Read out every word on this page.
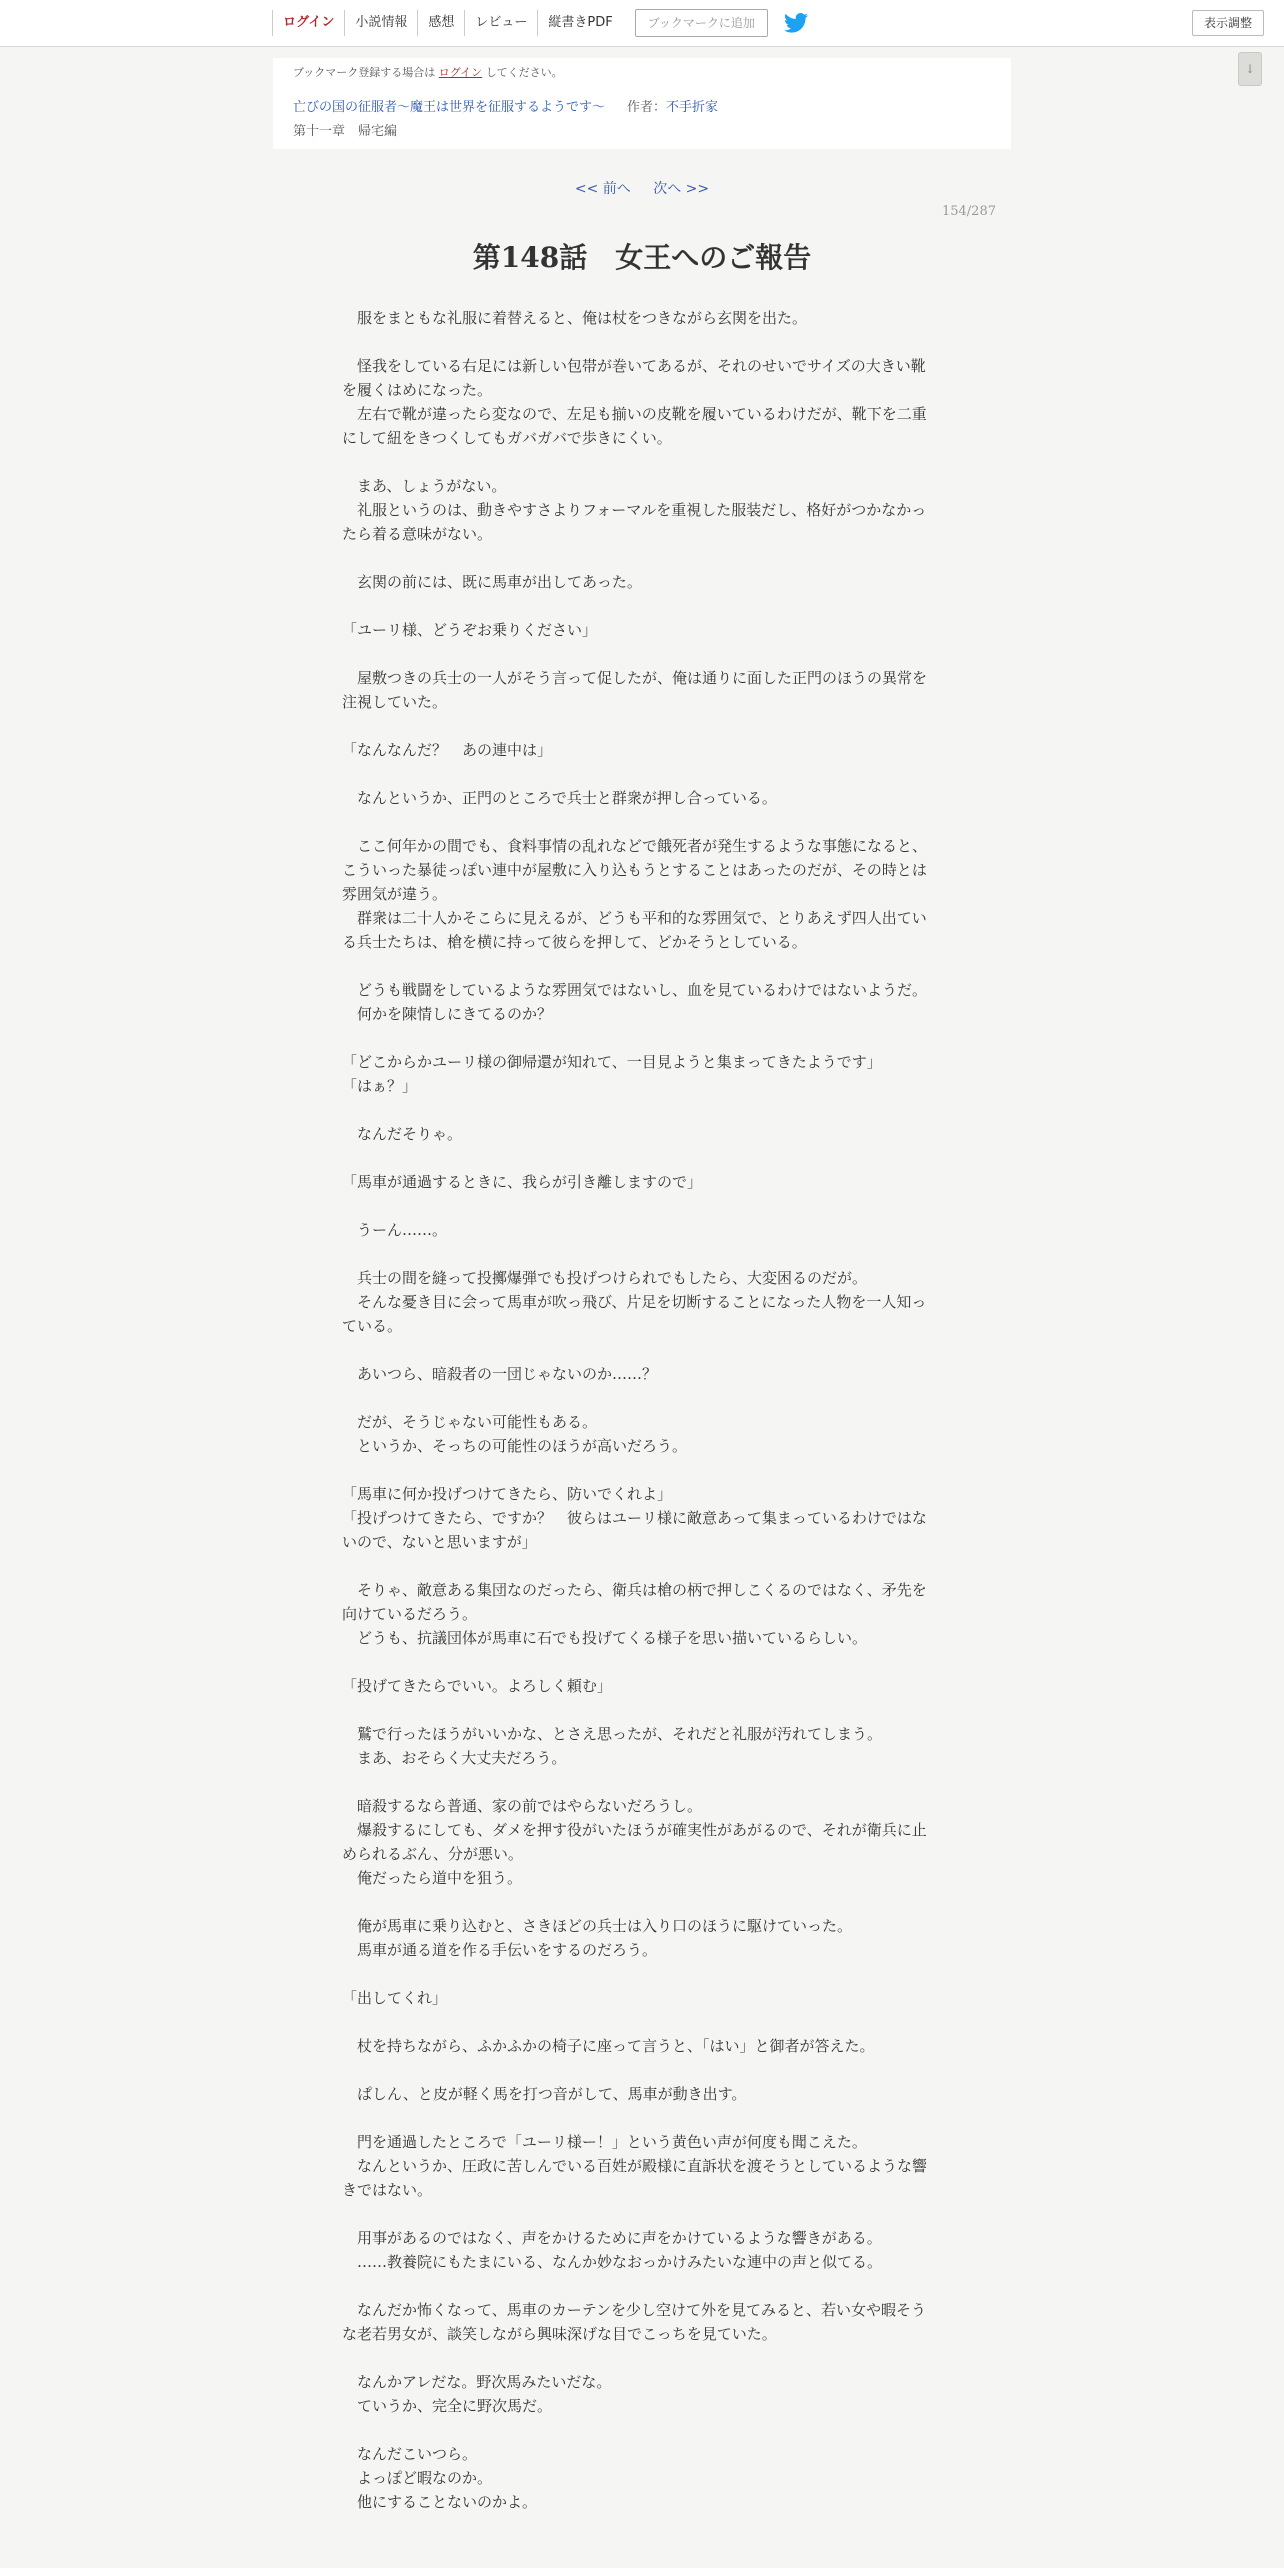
ログイン	小説情報	感想	レビュー	縦書きPDF	ブックマークに追加	表示調整
↓
ブックマーク登録する場合は ログイン してください。
亡びの国の征服者～魔王は世界を征服するようです～ 作者：不手折家
第十一章　帰宅編
<< 前へ 次へ >>
154/287
第148話　女王へのご報告

　服をまともな礼服に着替えると、俺は杖をつきながら玄関を出た。

　怪我をしている右足には新しい包帯が巻いてあるが、それのせいでサイズの大きい靴を履くはめになった。

　左右で靴が違ったら変なので、左足も揃いの皮靴を履いているわけだが、靴下を二重にして紐をきつくしてもガバガバで歩きにくい。

　まあ、しょうがない。

　礼服というのは、動きやすさよりフォーマルを重視した服装だし、格好がつかなかったら着る意味がない。

　玄関の前には、既に馬車が出してあった。

「ユーリ様、どうぞお乗りください」

　屋敷つきの兵士の一人がそう言って促したが、俺は通りに面した正門のほうの異常を注視していた。

「なんなんだ？　あの連中は」

　なんというか、正門のところで兵士と群衆が押し合っている。

　ここ何年かの間でも、食料事情の乱れなどで餓死者が発生するような事態になると、こういった暴徒っぽい連中が屋敷に入り込もうとすることはあったのだが、その時とは雰囲気が違う。

　群衆は二十人かそこらに見えるが、どうも平和的な雰囲気で、とりあえず四人出ている兵士たちは、槍を横に持って彼らを押して、どかそうとしている。

　どうも戦闘をしているような雰囲気ではないし、血を見ているわけではないようだ。

　何かを陳情しにきてるのか？

「どこからかユーリ様の御帰還が知れて、一目見ようと集まってきたようです」

「はぁ？」

　なんだそりゃ。

「馬車が通過するときに、我らが引き離しますので」

　うーん……。

　兵士の間を縫って投擲爆弾でも投げつけられでもしたら、大変困るのだが。

　そんな憂き目に会って馬車が吹っ飛び、片足を切断することになった人物を一人知っている。

　あいつら、暗殺者の一団じゃないのか……？

　だが、そうじゃない可能性もある。

　というか、そっちの可能性のほうが高いだろう。

「馬車に何か投げつけてきたら、防いでくれよ」

「投げつけてきたら、ですか？　彼らはユーリ様に敵意あって集まっているわけではないので、ないと思いますが」

　そりゃ、敵意ある集団なのだったら、衛兵は槍の柄で押しこくるのではなく、矛先を向けているだろう。

　どうも、抗議団体が馬車に石でも投げてくる様子を思い描いているらしい。

「投げてきたらでいい。よろしく頼む」

　鷲で行ったほうがいいかな、とさえ思ったが、それだと礼服が汚れてしまう。

　まあ、おそらく大丈夫だろう。

　暗殺するなら普通、家の前ではやらないだろうし。

　爆殺するにしても、ダメを押す役がいたほうが確実性があがるので、それが衛兵に止められるぶん、分が悪い。

　俺だったら道中を狙う。

　俺が馬車に乗り込むと、さきほどの兵士は入り口のほうに駆けていった。

　馬車が通る道を作る手伝いをするのだろう。

「出してくれ」

　杖を持ちながら、ふかふかの椅子に座って言うと、「はい」と御者が答えた。

　ぱしん、と皮が軽く馬を打つ音がして、馬車が動き出す。

　門を通過したところで「ユーリ様ー！」という黄色い声が何度も聞こえた。

　なんというか、圧政に苦しんでいる百姓が殿様に直訴状を渡そうとしているような響きではない。

　用事があるのではなく、声をかけるために声をかけているような響きがある。

　……教養院にもたまにいる、なんか妙なおっかけみたいな連中の声と似てる。

　なんだか怖くなって、馬車のカーテンを少し空けて外を見てみると、若い女や暇そうな老若男女が、談笑しながら興味深げな目でこっちを見ていた。

　なんかアレだな。野次馬みたいだな。

　ていうか、完全に野次馬だ。

　なんだこいつら。

　よっぽど暇なのか。

　他にすることないのかよ。
